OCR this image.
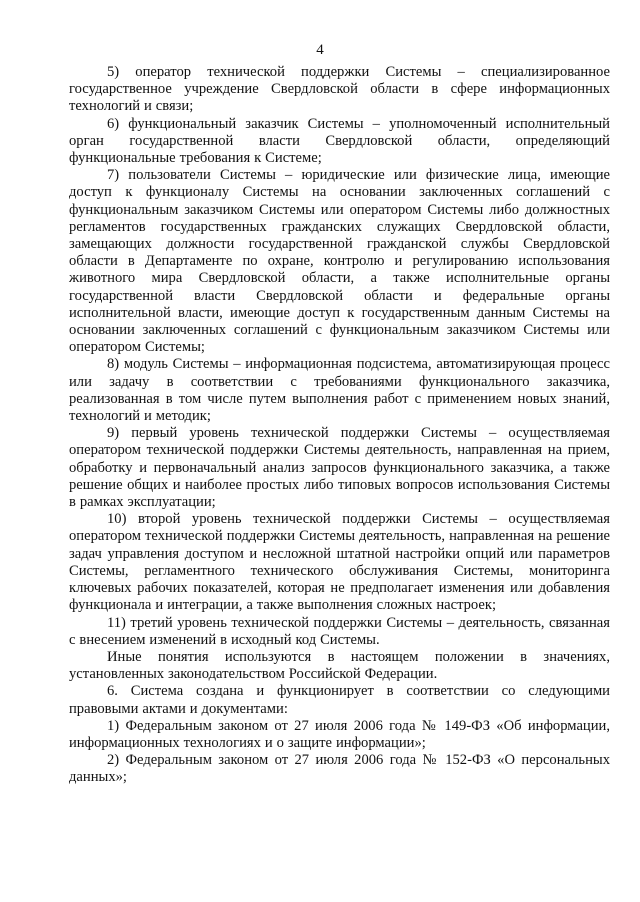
4

5) оператор технической поддержки Системы – специализированное государственное учреждение Свердловской области в сфере информационных технологий и связи;

6) функциональный заказчик Системы – уполномоченный исполнительный орган государственной власти Свердловской области, определяющий функциональные требования к Системе;

7) пользователи Системы – юридические или физические лица, имеющие доступ к функционалу Системы на основании заключенных соглашений с функциональным заказчиком Системы или оператором Системы либо должностных регламентов государственных гражданских служащих Свердловской области, замещающих должности государственной гражданской службы Свердловской области в Департаменте по охране, контролю и регулированию использования животного мира Свердловской области, а также исполнительные органы государственной власти Свердловской области и федеральные органы исполнительной власти, имеющие доступ к государственным данным Системы на основании заключенных соглашений с функциональным заказчиком Системы или оператором Системы;

8) модуль Системы – информационная подсистема, автоматизирующая процесс или задачу в соответствии с требованиями функционального заказчика, реализованная в том числе путем выполнения работ с применением новых знаний, технологий и методик;

9) первый уровень технической поддержки Системы – осуществляемая оператором технической поддержки Системы деятельность, направленная на прием, обработку и первоначальный анализ запросов функционального заказчика, а также решение общих и наиболее простых либо типовых вопросов использования Системы в рамках эксплуатации;

10) второй уровень технической поддержки Системы – осуществляемая оператором технической поддержки Системы деятельность, направленная на решение задач управления доступом и несложной штатной настройки опций или параметров Системы, регламентного технического обслуживания Системы, мониторинга ключевых рабочих показателей, которая не предполагает изменения или добавления функционала и интеграции, а также выполнения сложных настроек;

11) третий уровень технической поддержки Системы – деятельность, связанная с внесением изменений в исходный код Системы.

Иные понятия используются в настоящем положении в значениях, установленных законодательством Российской Федерации.

6. Система создана и функционирует в соответствии со следующими правовыми актами и документами:

1) Федеральным законом от 27 июля 2006 года № 149-ФЗ «Об информации, информационных технологиях и о защите информации»;

2) Федеральным законом от 27 июля 2006 года № 152-ФЗ «О персональных данных»;
